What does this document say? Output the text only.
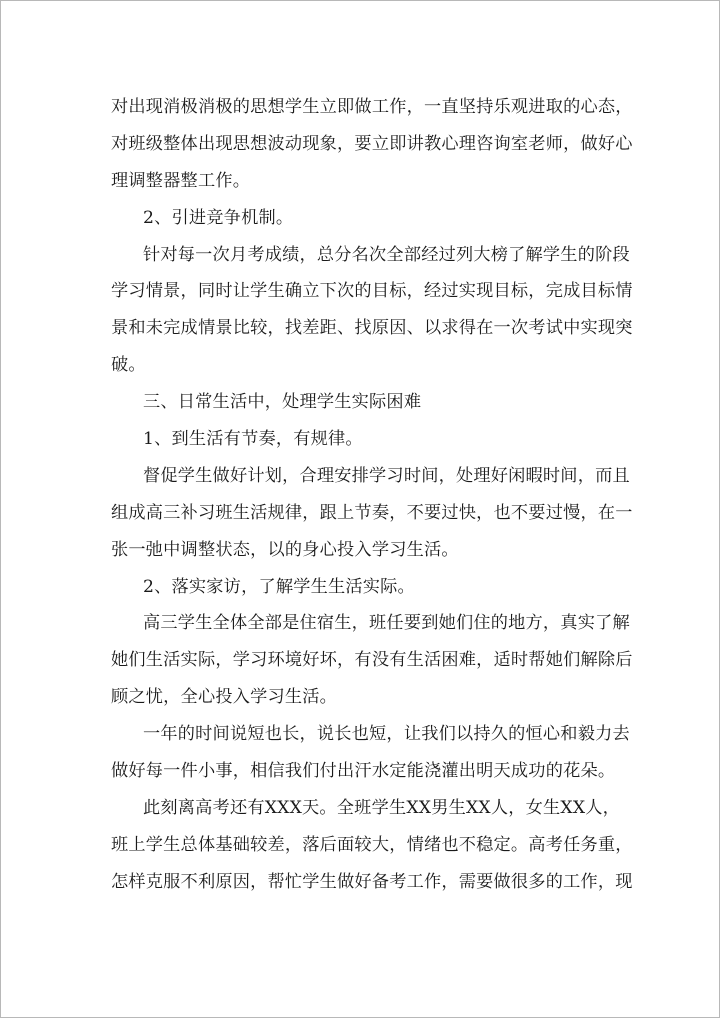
对出现消极消极的思想学生立即做工作，一直坚持乐观进取的心态，
对班级整体出现思想波动现象，要立即讲教心理咨询室老师，做好心
理调整器整工作。
2、引进竞争机制。
针对每一次月考成绩，总分名次全部经过列大榜了解学生的阶段
学习情景，同时让学生确立下次的目标，经过实现目标，完成目标情
景和未完成情景比较，找差距、找原因、以求得在一次考试中实现突
破。
三、日常生活中，处理学生实际困难
1、到生活有节奏，有规律。
督促学生做好计划，合理安排学习时间，处理好闲暇时间，而且
组成高三补习班生活规律，跟上节奏，不要过快，也不要过慢，在一
张一弛中调整状态，以的身心投入学习生活。
2、落实家访，了解学生生活实际。
高三学生全体全部是住宿生，班任要到她们住的地方，真实了解
她们生活实际，学习环境好坏，有没有生活困难，适时帮她们解除后
顾之忧，全心投入学习生活。
一年的时间说短也长，说长也短，让我们以持久的恒心和毅力去
做好每一件小事，相信我们付出汗水定能浇灌出明天成功的花朵。
此刻离高考还有XXX天。全班学生XX男生XX人，女生XX人，
班上学生总体基础较差，落后面较大，情绪也不稳定。高考任务重，
怎样克服不利原因，帮忙学生做好备考工作，需要做很多的工作，现
